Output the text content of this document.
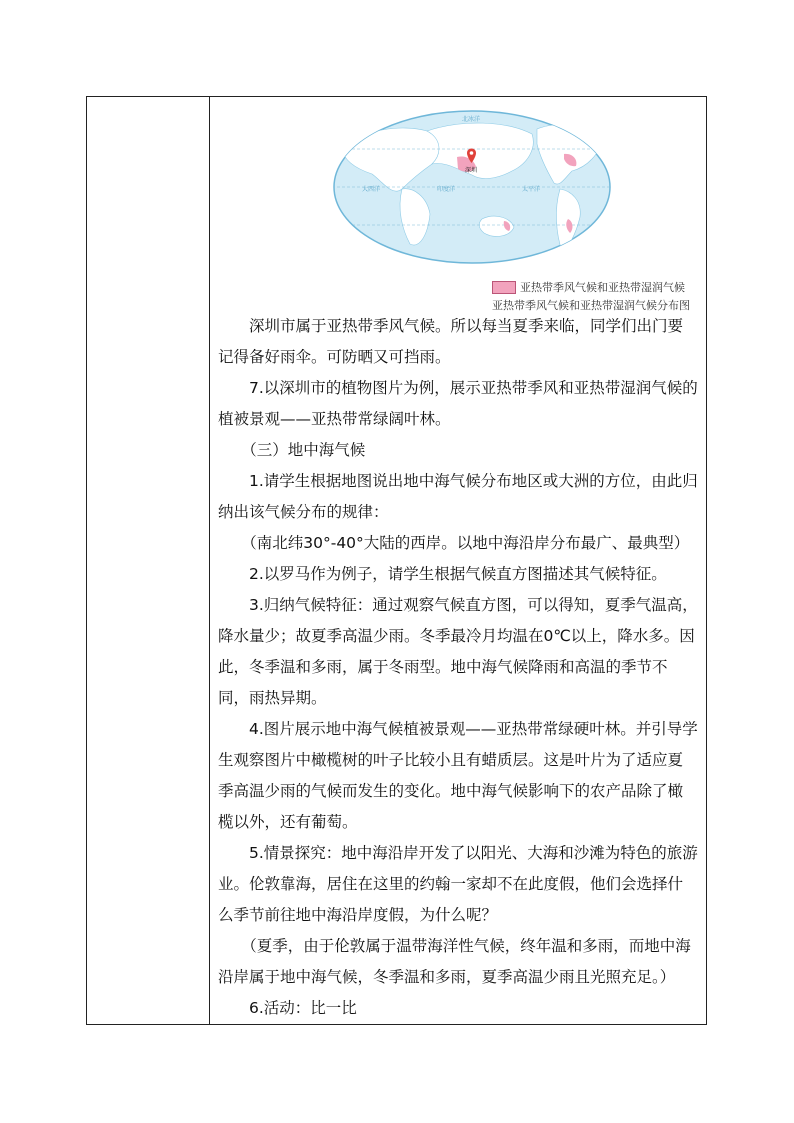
深圳
印度洋	太平洋
大西洋
北冰洋
亚热带季风气候和亚热带湿润气候
亚热带季风气候和亚热带湿润气候分布图

深圳市属于亚热带季风气候。所以每当夏季来临，同学们出门要记得备好雨伞。可防晒又可挡雨。

7.以深圳市的植物图片为例，展示亚热带季风和亚热带湿润气候的植被景观——亚热带常绿阔叶林。

（三）地中海气候

1.请学生根据地图说出地中海气候分布地区或大洲的方位，由此归纳出该气候分布的规律：

（南北纬30°-40°大陆的西岸。以地中海沿岸分布最广、最典型）

2.以罗马作为例子，请学生根据气候直方图描述其气候特征。

3.归纳气候特征：通过观察气候直方图，可以得知，夏季气温高，降水量少；故夏季高温少雨。冬季最冷月均温在0℃以上，降水多。因此，冬季温和多雨，属于冬雨型。地中海气候降雨和高温的季节不同，雨热异期。

4.图片展示地中海气候植被景观——亚热带常绿硬叶林。并引导学生观察图片中橄榄树的叶子比较小且有蜡质层。这是叶片为了适应夏季高温少雨的气候而发生的变化。地中海气候影响下的农产品除了橄榄以外，还有葡萄。

5.情景探究：地中海沿岸开发了以阳光、大海和沙滩为特色的旅游业。伦敦靠海，居住在这里的约翰一家却不在此度假，他们会选择什么季节前往地中海沿岸度假，为什么呢？

（夏季，由于伦敦属于温带海洋性气候，终年温和多雨，而地中海沿岸属于地中海气候，冬季温和多雨，夏季高温少雨且光照充足。）

6.活动：比一比
